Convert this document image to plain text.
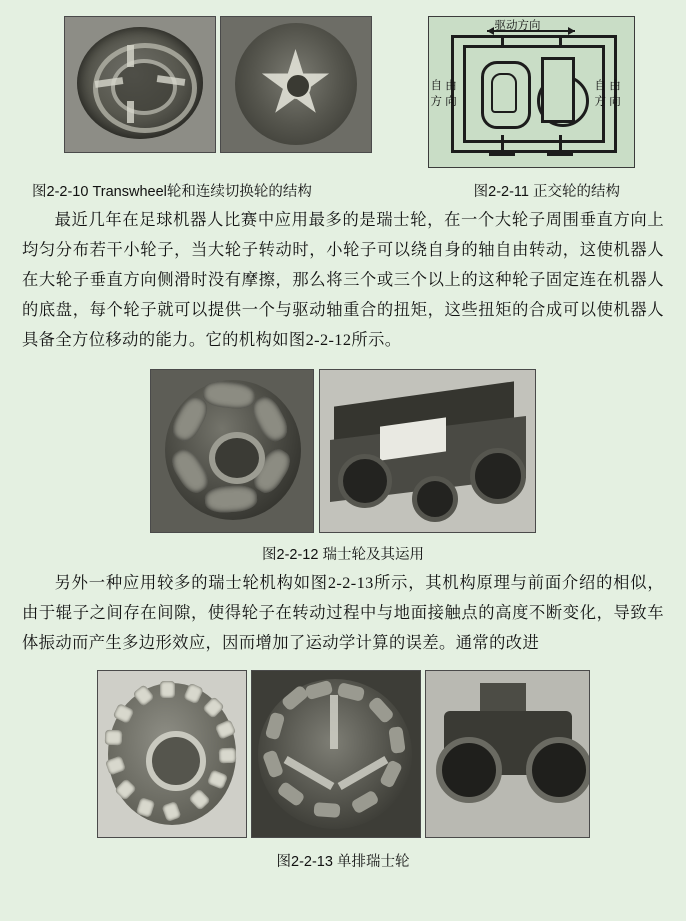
驱动方向
自 由
方 向
自 由
方 向
图2-2-10 Transwheel轮和连续切换轮的结构	图2-2-11 正交轮的结构

最近几年在足球机器人比赛中应用最多的是瑞士轮，在一个大轮子周围垂直方向上均匀分布若干小轮子，当大轮子转动时，小轮子可以绕自身的轴自由转动，这使机器人在大轮子垂直方向侧滑时没有摩擦，那么将三个或三个以上的这种轮子固定连在机器人的底盘，每个轮子就可以提供一个与驱动轴重合的扭矩，这些扭矩的合成可以使机器人具备全方位移动的能力。它的机构如图2-2-12所示。

图2-2-12 瑞士轮及其运用

另外一种应用较多的瑞士轮机构如图2-2-13所示，其机构原理与前面介绍的相似，由于辊子之间存在间隙，使得轮子在转动过程中与地面接触点的高度不断变化，导致车体振动而产生多边形效应，因而增加了运动学计算的误差。通常的改进

图2-2-13 单排瑞士轮
